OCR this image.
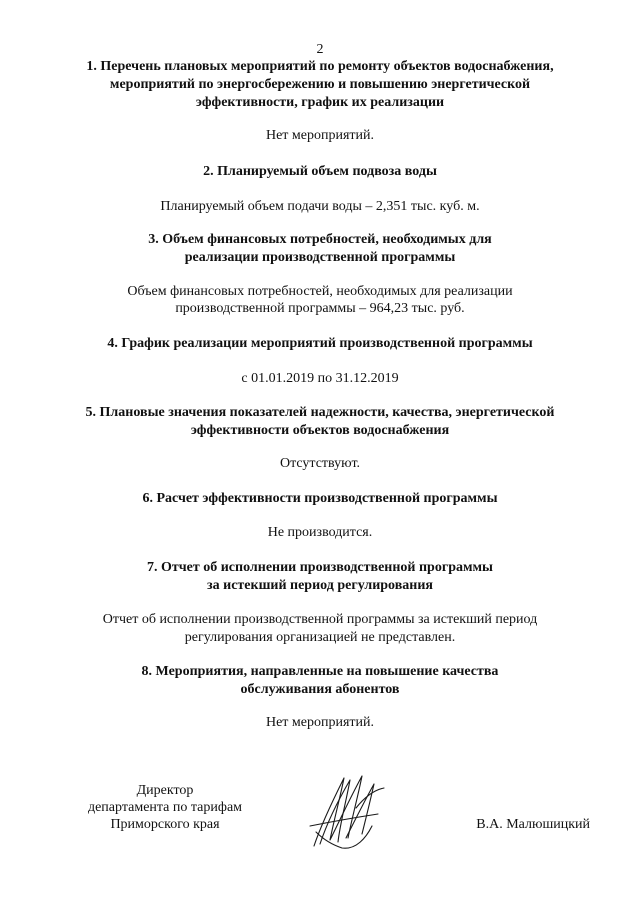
2
1. Перечень плановых мероприятий по ремонту объектов водоснабжения,
мероприятий по энергосбережению и повышению энергетической
эффективности, график их реализации
Нет мероприятий.
2. Планируемый объем подвоза воды
Планируемый объем подачи воды – 2,351 тыс. куб. м.
3. Объем финансовых потребностей, необходимых для
реализации производственной программы
Объем финансовых потребностей, необходимых для реализации
производственной программы – 964,23 тыс. руб.
4. График реализации мероприятий производственной программы
с 01.01.2019 по 31.12.2019
5. Плановые значения показателей надежности, качества, энергетической
эффективности объектов водоснабжения
Отсутствуют.
6. Расчет эффективности производственной программы
Не производится.
7. Отчет об исполнении производственной программы
за истекший период регулирования
Отчет об исполнении производственной программы за истекший период
регулирования организацией не представлен.
8. Мероприятия, направленные на повышение качества
обслуживания абонентов
Нет мероприятий.
Директор
департамента по тарифам
Приморского края	В.А. Малюшицкий
